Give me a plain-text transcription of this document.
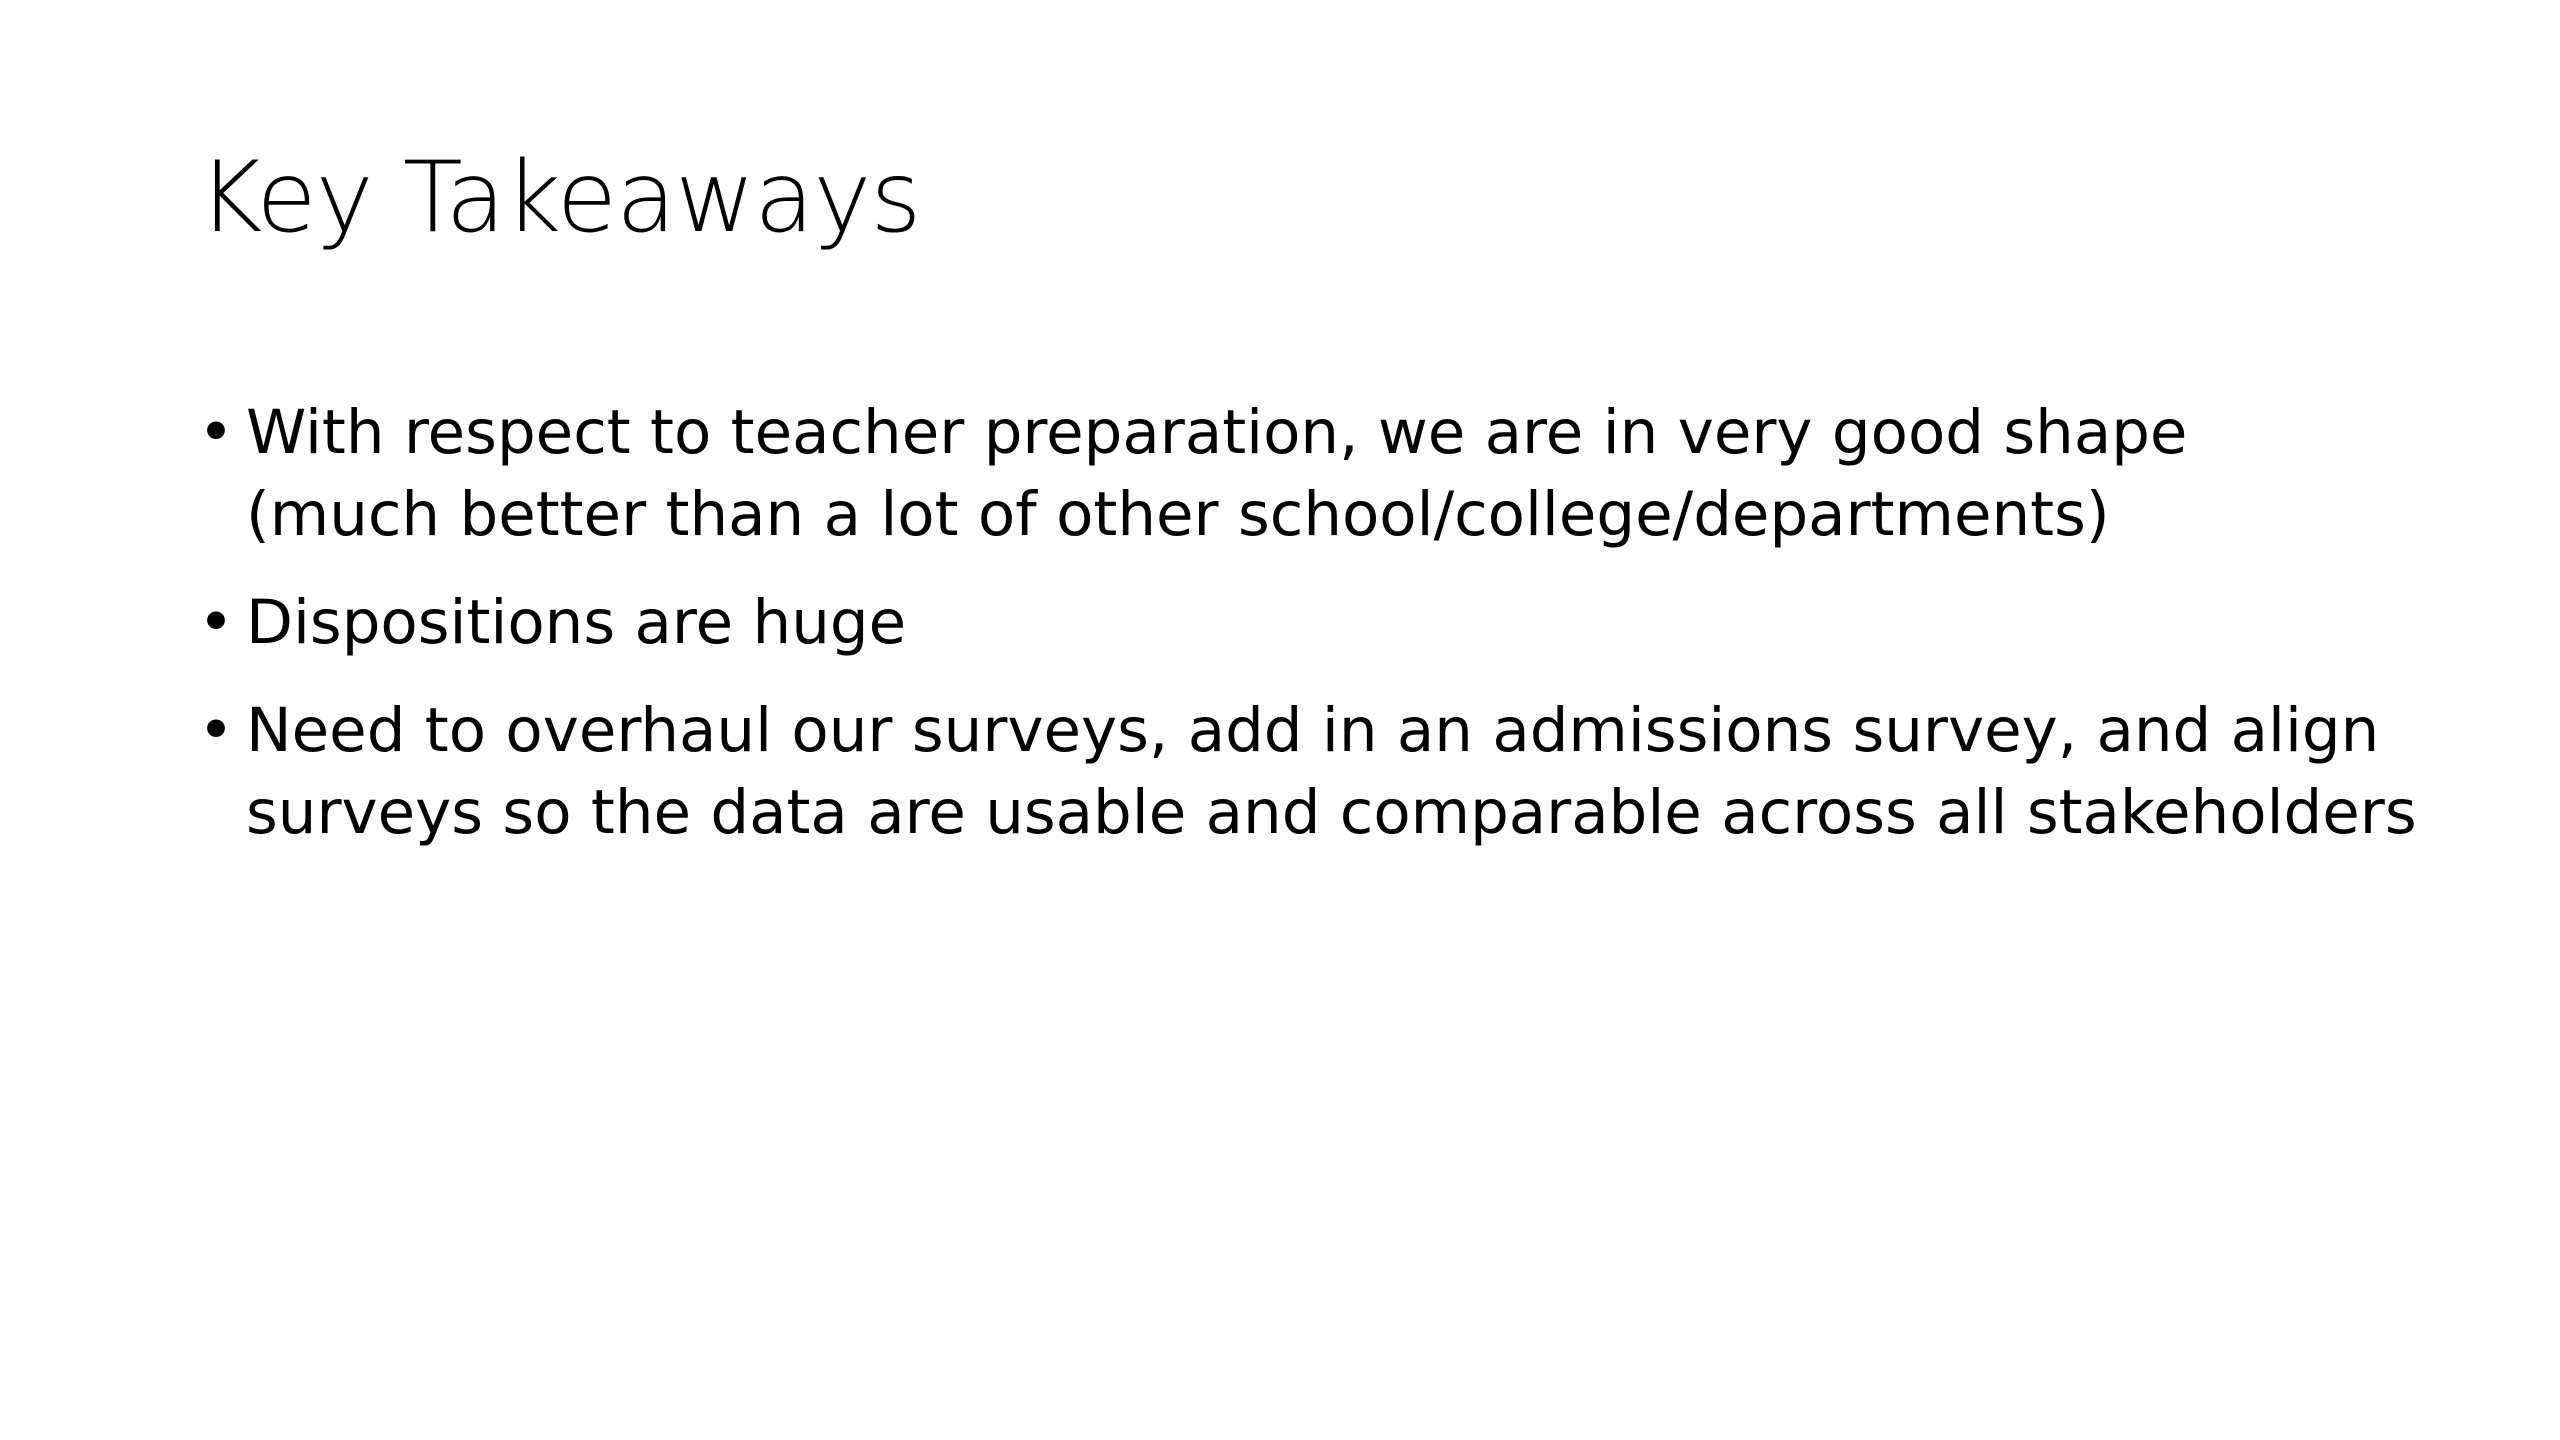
Key Takeaways
• With respect to teacher preparation, we are in very good shape
(much better than a lot of other school/college/departments)
• Dispositions are huge
• Need to overhaul our surveys, add in an admissions survey, and align
surveys so the data are usable and comparable across all stakeholders
